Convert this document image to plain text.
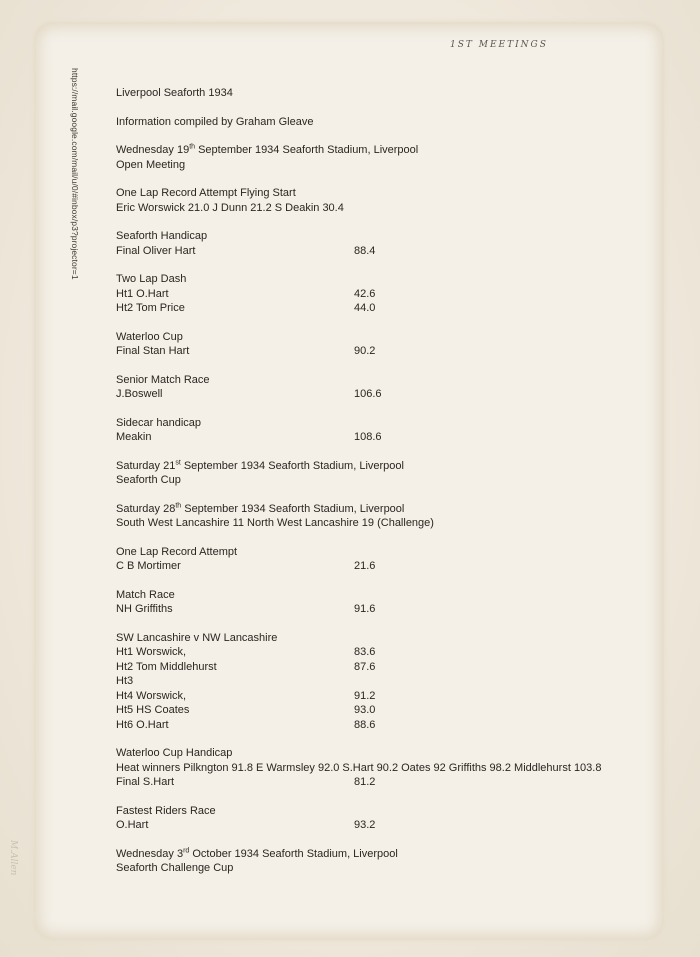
1ST MEETINGS
https://mail.google.com/mail/u/0/#inbox/p3?projector=1
M.Allen

Liverpool Seaforth 1934

Information compiled by Graham Gleave

Wednesday 19th September 1934 Seaforth Stadium, Liverpool

Open Meeting

One Lap Record Attempt Flying Start

Eric Worswick 21.0 J Dunn 21.2 S Deakin 30.4

Seaforth Handicap

Final Oliver Hart	88.4

Two Lap Dash

Ht1 O.Hart	42.6
Ht2 Tom Price	44.0

Waterloo Cup

Final Stan Hart	90.2

Senior Match Race

J.Boswell	106.6

Sidecar handicap

Meakin	108.6

Saturday 21st September 1934 Seaforth Stadium, Liverpool

Seaforth Cup

Saturday 28th September 1934 Seaforth Stadium, Liverpool

South West Lancashire 11 North West Lancashire 19 (Challenge)

One Lap Record Attempt

C B Mortimer	21.6

Match Race

NH Griffiths	91.6

SW Lancashire v NW Lancashire

Ht1 Worswick,	83.6
Ht2 Tom Middlehurst	87.6
Ht3
Ht4 Worswick,	91.2
Ht5 HS Coates	93.0
Ht6 O.Hart	88.6

Waterloo Cup Handicap

Heat winners Pilkngton 91.8 E Warmsley 92.0 S.Hart 90.2 Oates 92 Griffiths 98.2 Middlehurst 103.8

Final S.Hart	81.2

Fastest Riders Race

O.Hart	93.2

Wednesday 3rd October 1934 Seaforth Stadium, Liverpool

Seaforth Challenge Cup
